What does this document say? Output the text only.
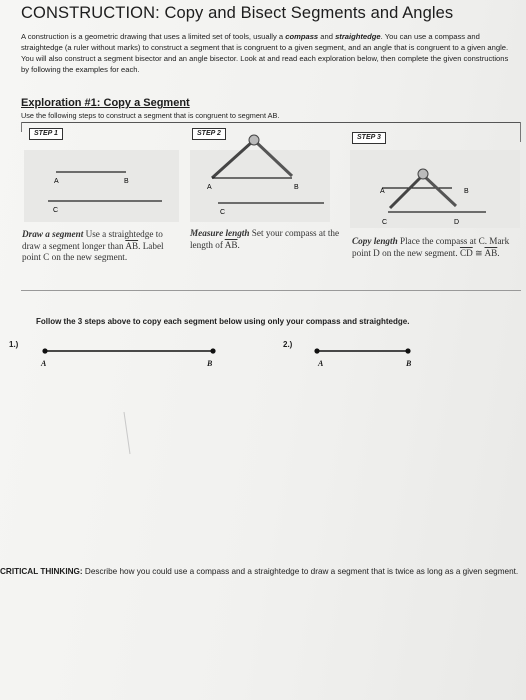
CONSTRUCTION: Copy and Bisect Segments and Angles
A construction is a geometric drawing that uses a limited set of tools, usually a compass and straightedge. You can use a compass and straightedge (a ruler without marks) to construct a segment that is congruent to a given segment, and an angle that is congruent to a given angle. You will also construct a segment bisector and an angle bisector. Look at and read each exploration below, then complete the given constructions by following the examples for each.
Exploration #1: Copy a Segment
Use the following steps to construct a segment that is congruent to segment AB.
STEP 1
A	B
C
Draw a segment Use a straightedge to draw a segment longer than $\overline{AB}$. Label point C on the new segment.
STEP 2
A	B
C
Measure length Set your compass at the length of $\overline{AB}$.
STEP 3
A	B
C	D
Copy length Place the compass at C. Mark point D on the new segment. $\overline{CD}$ ≅ $\overline{AB}$.
Follow the 3 steps above to copy each segment below using only your compass and straightedge.
1.)
A	B
2.)
A	B
CRITICAL THINKING: Describe how you could use a compass and a straightedge to draw a segment that is twice as long as a given segment.
